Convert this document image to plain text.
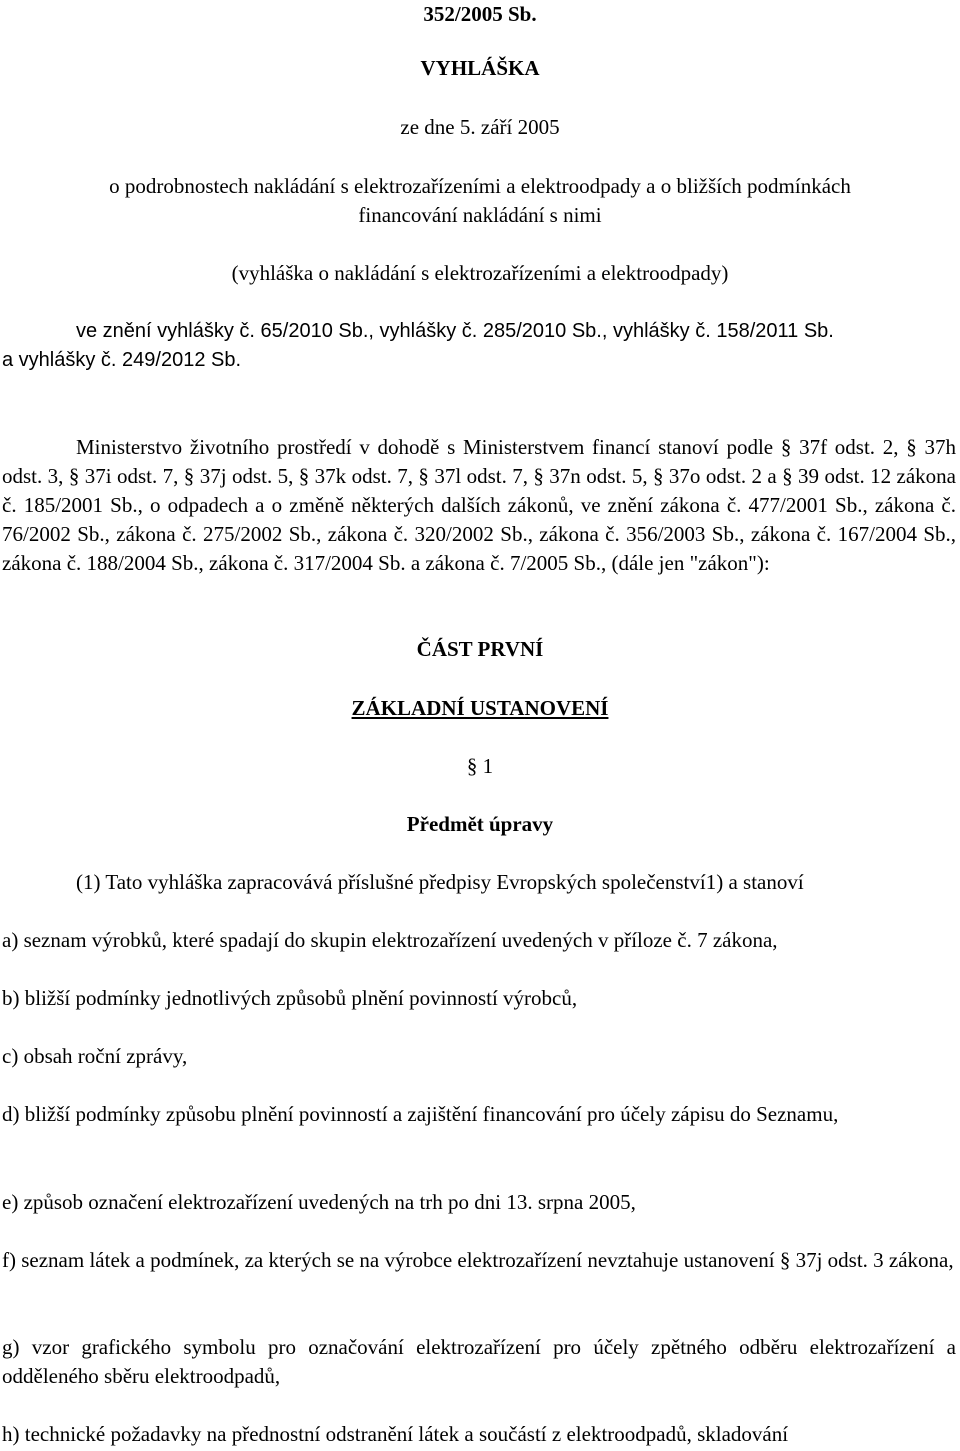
352/2005 Sb.
VYHLÁŠKA
ze dne 5. září 2005
o podrobnostech nakládání s elektrozařízeními a elektroodpady a o bližších podmínkách
financování nakládání s nimi
(vyhláška o nakládání s elektrozařízeními a elektroodpady)
ve znění vyhlášky č. 65/2010 Sb., vyhlášky č. 285/2010 Sb., vyhlášky č. 158/2011 Sb.
a vyhlášky č. 249/2012 Sb.
Ministerstvo životního prostředí v dohodě s Ministerstvem financí stanoví podle § 37f odst. 2, § 37h odst. 3, § 37i odst. 7, § 37j odst. 5, § 37k odst. 7, § 37l odst. 7, § 37n odst. 5, § 37o odst. 2 a § 39 odst. 12 zákona č. 185/2001 Sb., o odpadech a o změně některých dalších zákonů, ve znění zákona č. 477/2001 Sb., zákona č. 76/2002 Sb., zákona č. 275/2002 Sb., zákona č. 320/2002 Sb., zákona č. 356/2003 Sb., zákona č. 167/2004 Sb., zákona č. 188/2004 Sb., zákona č. 317/2004 Sb. a zákona č. 7/2005 Sb., (dále jen "zákon"):
ČÁST PRVNÍ
ZÁKLADNÍ USTANOVENÍ
§ 1
Předmět úpravy
(1) Tato vyhláška zapracovává příslušné předpisy Evropských společenství1) a stanoví
a) seznam výrobků, které spadají do skupin elektrozařízení uvedených v příloze č. 7 zákona,
b) bližší podmínky jednotlivých způsobů plnění povinností výrobců,
c) obsah roční zprávy,
d) bližší podmínky způsobu plnění povinností a zajištění financování pro účely zápisu do Seznamu,
e) způsob označení elektrozařízení uvedených na trh po dni 13. srpna 2005,
f) seznam látek a podmínek, za kterých se na výrobce elektrozařízení nevztahuje ustanovení § 37j odst. 3 zákona,
g) vzor grafického symbolu pro označování elektrozařízení pro účely zpětného odběru elektrozařízení a odděleného sběru elektroodpadů,
h) technické požadavky na přednostní odstranění látek a součástí z elektroodpadů, skladování
